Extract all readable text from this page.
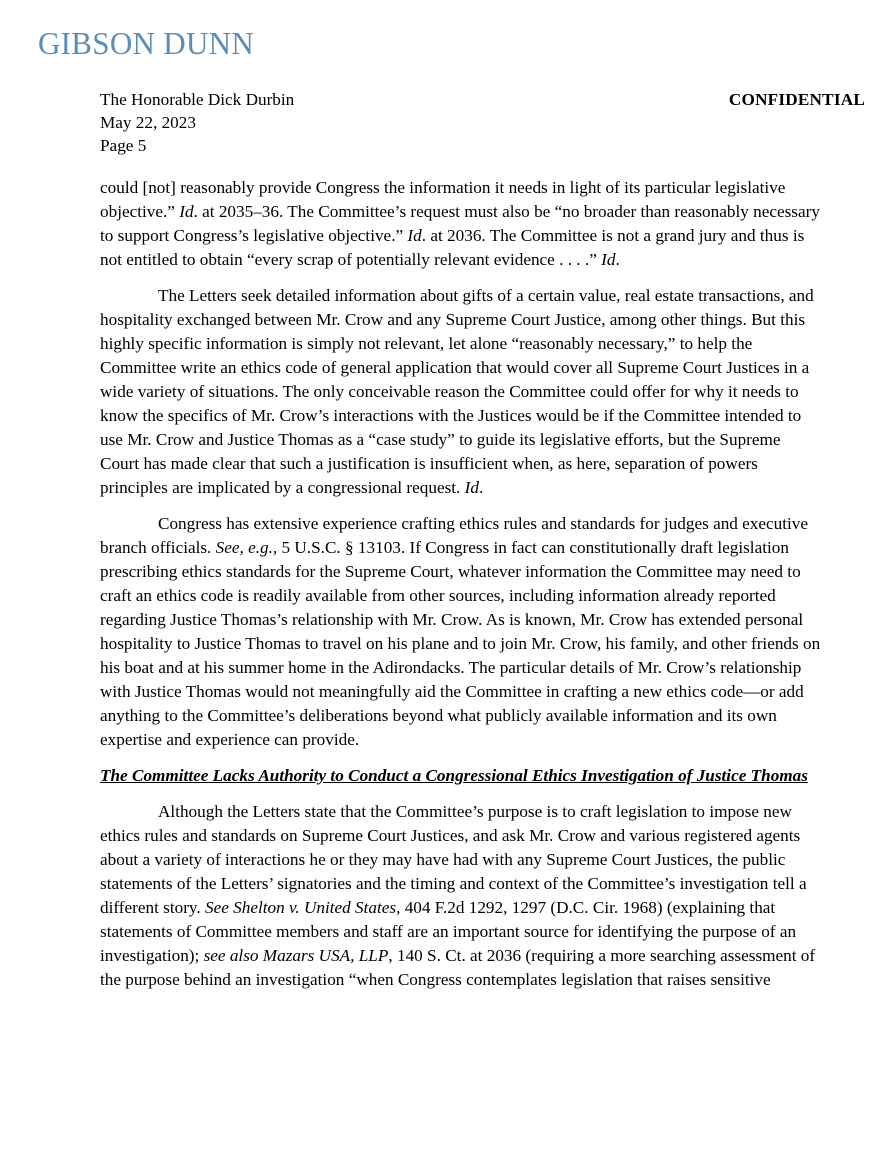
GIBSON DUNN
The Honorable Dick Durbin
May 22, 2023
Page 5
CONFIDENTIAL

could [not] reasonably provide Congress the information it needs in light of its particular legislative objective.” Id. at 2035–36. The Committee’s request must also be “no broader than reasonably necessary to support Congress’s legislative objective.” Id. at 2036. The Committee is not a grand jury and thus is not entitled to obtain “every scrap of potentially relevant evidence . . . .” Id.

The Letters seek detailed information about gifts of a certain value, real estate transactions, and hospitality exchanged between Mr. Crow and any Supreme Court Justice, among other things. But this highly specific information is simply not relevant, let alone “reasonably necessary,” to help the Committee write an ethics code of general application that would cover all Supreme Court Justices in a wide variety of situations. The only conceivable reason the Committee could offer for why it needs to know the specifics of Mr. Crow’s interactions with the Justices would be if the Committee intended to use Mr. Crow and Justice Thomas as a “case study” to guide its legislative efforts, but the Supreme Court has made clear that such a justification is insufficient when, as here, separation of powers principles are implicated by a congressional request. Id.

Congress has extensive experience crafting ethics rules and standards for judges and executive branch officials. See, e.g., 5 U.S.C. § 13103. If Congress in fact can constitutionally draft legislation prescribing ethics standards for the Supreme Court, whatever information the Committee may need to craft an ethics code is readily available from other sources, including information already reported regarding Justice Thomas’s relationship with Mr. Crow. As is known, Mr. Crow has extended personal hospitality to Justice Thomas to travel on his plane and to join Mr. Crow, his family, and other friends on his boat and at his summer home in the Adirondacks. The particular details of Mr. Crow’s relationship with Justice Thomas would not meaningfully aid the Committee in crafting a new ethics code—or add anything to the Committee’s deliberations beyond what publicly available information and its own expertise and experience can provide.

The Committee Lacks Authority to Conduct a Congressional Ethics Investigation of Justice Thomas

Although the Letters state that the Committee’s purpose is to craft legislation to impose new ethics rules and standards on Supreme Court Justices, and ask Mr. Crow and various registered agents about a variety of interactions he or they may have had with any Supreme Court Justices, the public statements of the Letters’ signatories and the timing and context of the Committee’s investigation tell a different story. See Shelton v. United States, 404 F.2d 1292, 1297 (D.C. Cir. 1968) (explaining that statements of Committee members and staff are an important source for identifying the purpose of an investigation); see also Mazars USA, LLP, 140 S. Ct. at 2036 (requiring a more searching assessment of the purpose behind an investigation “when Congress contemplates legislation that raises sensitive
